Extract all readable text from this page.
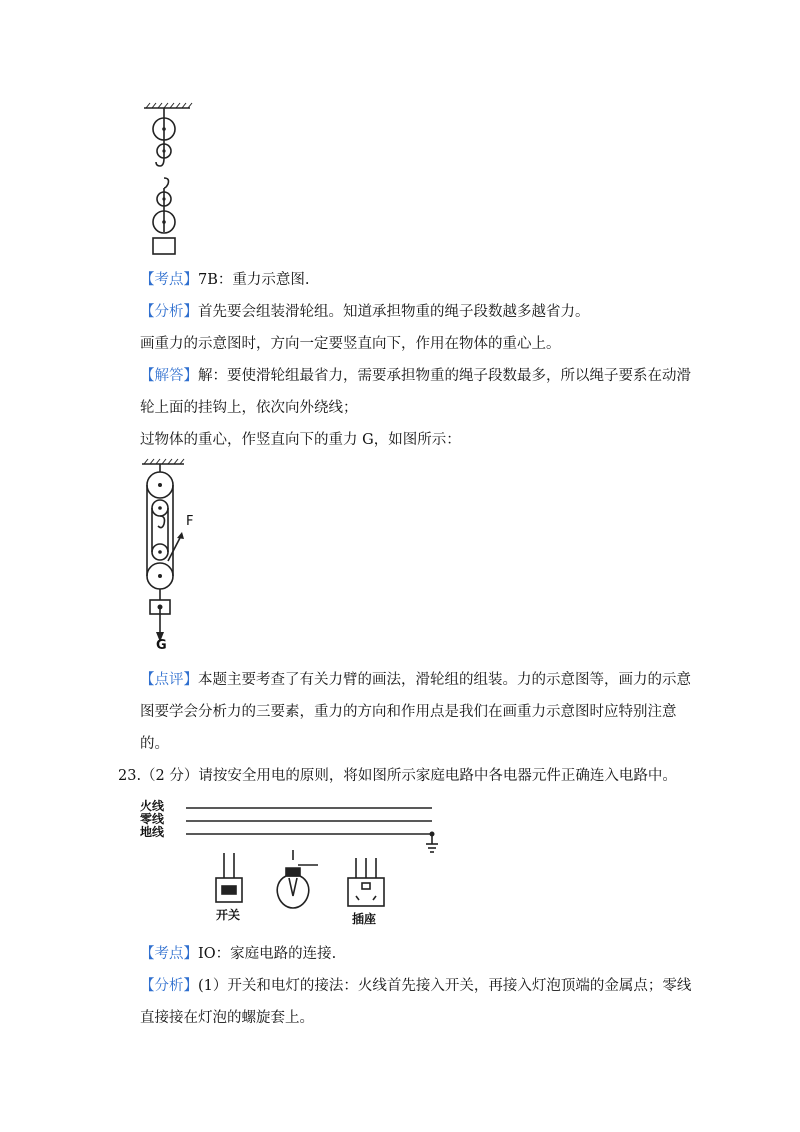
【考点】7B：重力示意图.
【分析】首先要会组装滑轮组。知道承担物重的绳子段数越多越省力。
画重力的示意图时，方向一定要竖直向下，作用在物体的重心上。
【解答】解：要使滑轮组最省力，需要承担物重的绳子段数最多，所以绳子要系在动滑
轮上面的挂钩上，依次向外绕线；
过物体的重心，作竖直向下的重力 G，如图所示：
F
G
【点评】本题主要考查了有关力臂的画法，滑轮组的组装。力的示意图等，画力的示意
图要学会分析力的三要素，重力的方向和作用点是我们在画重力示意图时应特别注意
的。
23.（2 分）请按安全用电的原则，将如图所示家庭电路中各电器元件正确连入电路中。
火线
零线
地线
开关	插座
【考点】IO：家庭电路的连接.
【分析】(1）开关和电灯的接法：火线首先接入开关，再接入灯泡顶端的金属点；零线
直接接在灯泡的螺旋套上。
